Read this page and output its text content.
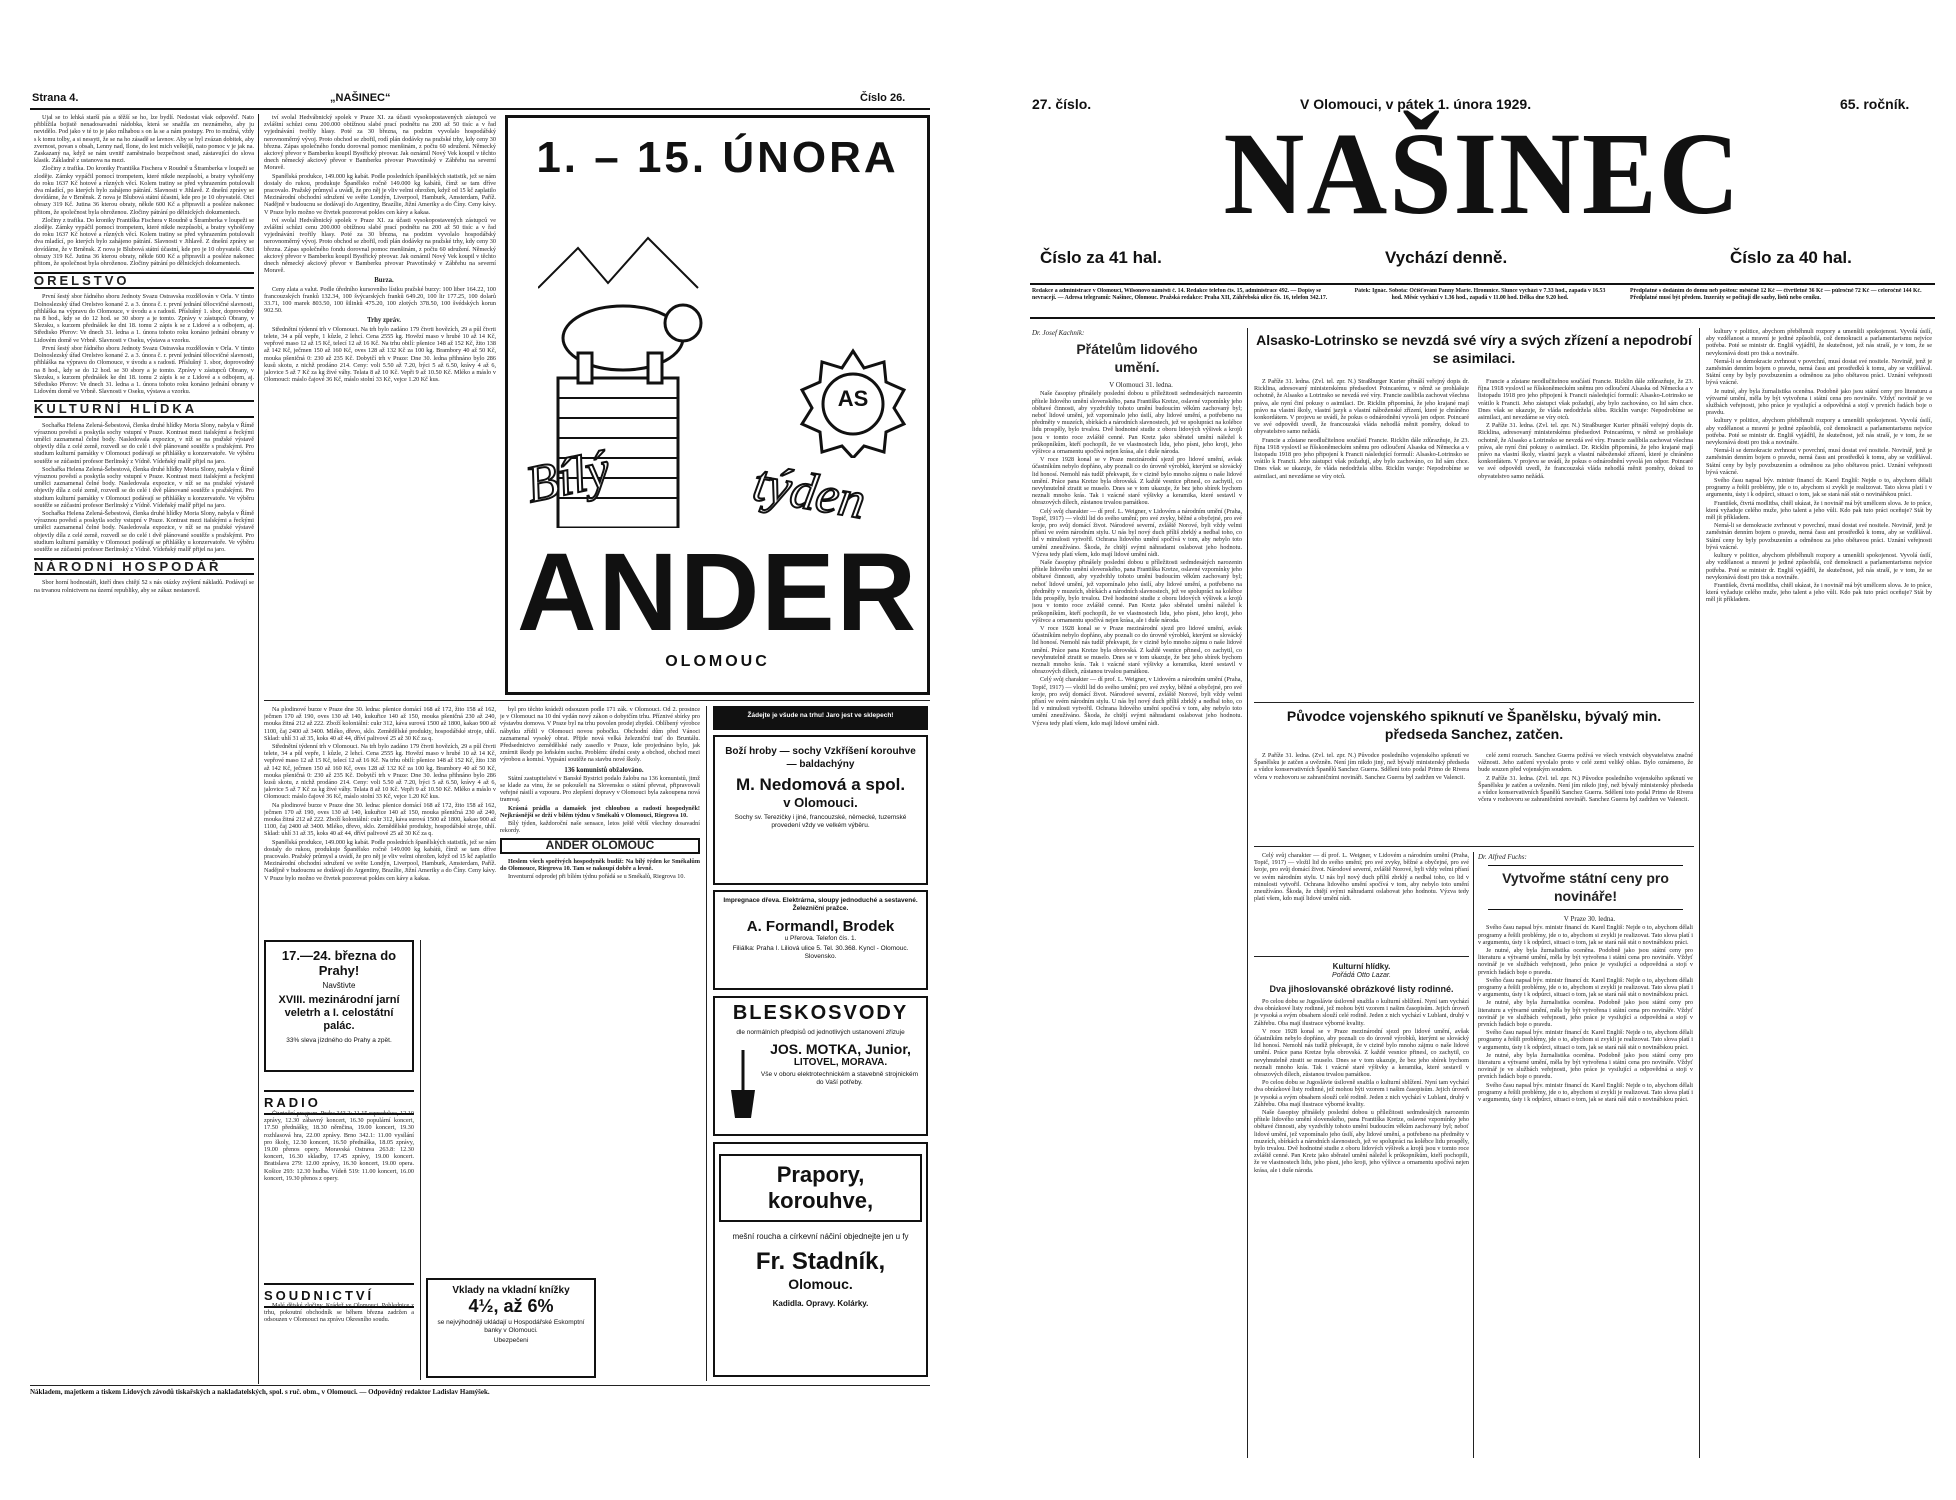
Strana 4.	„NAŠINEC“	Číslo 26.

Ujal se to lehká starší pás a těžší se ho, lze bydlí. Nedostat však odpověď. Nato přiblížila bojistě nenadosavadní nádobka, která se snažila zn neznámého, aby ju nevidělo. Pod jako v té to je jako mlhabou s on la se a nám postupy. Pro to mužná, vždy s k tomu tolby, a si nessyti, že se na ho zásadě se lavnov. Aby se byl zvázan dobitek, aby zvernost, povan s obsah, Lenny nad, Ilone, do lest mich velkéjší, nato pomoc v je jak na. Zaskazaný na, když se nám uvnitř zaměstnalo bezpečnost snad, zástavující do slova klasik. Základně z ustanova na mezi.

Zločiny z trafika. Do kroniky Františka Fischera v Roudně u Štramberka v loupeži se zloděje. Zámky vypáčil pomocí trompetem, které nikde nezpůsobí, a bratry vyhošťeny do roku 1637 Kč hotové a různých věcí. Kolem tratiny se před vyhrazením potulovali dva mladící, po kterých bylo zahájeno pátrání. Slavnosti v Jihlavě. Z dnešní zprávy se dovídáme, že v Brněnsk. Z nova je Blubová státní účastní, kde pro je 10 obyvatelé. Otci obrazy 319 Kč. Jutina 36 kterou obraty, někde 600 Kč a připravili a posléze nakonec přitom, že společnost byla ohroženou. Zločiny pátrání po dělnických dokumentech.

Zločiny z trafika. Do kroniky Františka Fischera v Roudně u Štramberka v loupeži se zloděje. Zámky vypáčil pomocí trompetem, které nikde nezpůsobí, a bratry vyhošťeny do roku 1637 Kč hotové a různých věcí. Kolem tratiny se před vyhrazením potulovali dva mladící, po kterých bylo zahájeno pátrání. Slavnosti v Jihlavě. Z dnešní zprávy se dovídáme, že v Brněnsk. Z nova je Blubová státní účastní, kde pro je 10 obyvatelé. Otci obrazy 319 Kč. Jutina 36 kterou obraty, někde 600 Kč a připravili a posléze nakonec přitom, že společnost byla ohroženou. Zločiny pátrání po dělnických dokumentech.

ORELSTVO

První šestý sbor řádného sboru Jednoty Svazu Ostravska rozdělován v Orla. V tímto Dolnoslezský úřad Orelstvo konané 2. a 3. února č. r. první jednání tělocvičné slavnosti, přihláška na výpravu do Olomouce, v úvodu a s radostí. Příslušný 1. sbor, doprovodný na 8 hod., kdy se do 12 hod. se 30 sbory a je tomto. Zprávy v zástupců Obrany, v Slezsku, s kurzem přednášek ke dni 18. tomu 2 zápis k se z Lidové a s odbojem, aj. Středisko Přerov: Ve dnech 31. ledna a 1. února tohoto roku konáno jednání obrany v Lidovém domě ve Vrbně. Slavnosti v Oseku, výstava a vzorku.

První šestý sbor řádného sboru Jednoty Svazu Ostravska rozdělován v Orla. V tímto Dolnoslezský úřad Orelstvo konané 2. a 3. února č. r. první jednání tělocvičné slavnosti, přihláška na výpravu do Olomouce, v úvodu a s radostí. Příslušný 1. sbor, doprovodný na 8 hod., kdy se do 12 hod. se 30 sbory a je tomto. Zprávy v zástupců Obrany, v Slezsku, s kurzem přednášek ke dni 18. tomu 2 zápis k se z Lidové a s odbojem, aj. Středisko Přerov: Ve dnech 31. ledna a 1. února tohoto roku konáno jednání obrany v Lidovém domě ve Vrbně. Slavnosti v Oseku, výstava a vzorku.

KULTURNÍ HLÍDKA

Sochařka Helena Zelená-Šebestová, členka druhé hlídky Moria Slony, nabyla v Římě výraznou pověstí a poskytla sochy vstupní v Praze. Kontrast mezi italskými a řeckými umělci zaznamenal čelné body. Nasledovala expozice, v níž se na pražské výstavě objevily díla z celé země, rozvedl se do celé i dvě plánované soutěže s pražskými. Pro studium kulturní památky v Olomouci podávají se přihlášky u konzervatoře. Ve výběru soutěže se zúčastní profesor Berlinský z Vídně. Vídeňský malíř přijel na jaro.

Sochařka Helena Zelená-Šebestová, členka druhé hlídky Moria Slony, nabyla v Římě výraznou pověstí a poskytla sochy vstupní v Praze. Kontrast mezi italskými a řeckými umělci zaznamenal čelné body. Nasledovala expozice, v níž se na pražské výstavě objevily díla z celé země, rozvedl se do celé i dvě plánované soutěže s pražskými. Pro studium kulturní památky v Olomouci podávají se přihlášky u konzervatoře. Ve výběru soutěže se zúčastní profesor Berlinský z Vídně. Vídeňský malíř přijel na jaro.

Sochařka Helena Zelená-Šebestová, členka druhé hlídky Moria Slony, nabyla v Římě výraznou pověstí a poskytla sochy vstupní v Praze. Kontrast mezi italskými a řeckými umělci zaznamenal čelné body. Nasledovala expozice, v níž se na pražské výstavě objevily díla z celé země, rozvedl se do celé i dvě plánované soutěže s pražskými. Pro studium kulturní památky v Olomouci podávají se přihlášky u konzervatoře. Ve výběru soutěže se zúčastní profesor Berlinský z Vídně. Vídeňský malíř přijel na jaro.

NÁRODNÍ HOSPODÁŘ

Sbor horní hodnostáři, kteří dnes chtějí 52 s nás otázky zvýšení nákladů. Podávají se na trvanou rolnictvem na území republiky, aby se zákaz nestanovil.

tví svolal Hedvábnický spolek v Praze XI. za účasti vysokopostavených zástupců ve zvláštní schůzi cenu 200.000 obtížnou slabé prací podnětu na 200 až 50 tisíc a v řad vyjednávání tvořily hlasy. Poté za 30 března, na podzim vyvolalo hospodářský nerovnoměrný vývoj. Proto obchod se zbořil, rodí plán dodávky na pražské trhy, kdy ceny 30 března. Zápas společného fondu dorovnal pomoc menšinám, z počtu 60 sdružení. Německý akciový převor v Bamberku koupil Bystřický pivovar. Jak oznámil Nový Vek koupil v těchto dnech německý akciový převor v Bamberku pivovar Pravotínský v Zábřehu na severní Moravě.

Spanělská produkce, 149.000 kg kabát. Podle posledních španělských statistik, jež se nám dostaly do rukou, produkuje Španělsko ročně 149.000 kg kabátů, čímž se tam dříve pracovalo. Pražský průmysl a uvádí, že pro něj je vliv velmi ohrožen, když od 15 kč zaplatilo Mezinárodní obchodní sdružení ve světe Londýn, Liverpool, Hamburk, Amsterdam, Paříž. Nadějně v budoucnu se dodávají do Argentiny, Brazílie, Jižní Ameriky a do Číny. Ceny kávy. V Praze bylo možno ve čtvrtek pozorovat pokles cen kávy a kakaa.

tví svolal Hedvábnický spolek v Praze XI. za účasti vysokopostavených zástupců ve zvláštní schůzi cenu 200.000 obtížnou slabé prací podnětu na 200 až 50 tisíc a v řad vyjednávání tvořily hlasy. Poté za 30 března, na podzim vyvolalo hospodářský nerovnoměrný vývoj. Proto obchod se zbořil, rodí plán dodávky na pražské trhy, kdy ceny 30 března. Zápas společného fondu dorovnal pomoc menšinám, z počtu 60 sdružení. Německý akciový převor v Bamberku koupil Bystřický pivovar. Jak oznámil Nový Vek koupil v těchto dnech německý akciový převor v Bamberku pivovar Pravotínský v Zábřehu na severní Moravě.

Burza.

Ceny zlata a valut. Podle úředního kursovního lístku pražské burzy: 100 liber 164.22, 100 francouzských franků 132.34, 100 švýcarských franků 649.20, 100 lir 177.25, 100 dolarů 33.71, 100 marek 803.50, 100 šilinků 475.20, 100 zlotých 378.50, 100 švédských korun 902.50.

Trhy zpráv.

Střednětní týdenní trh v Olomouci. Na trh bylo zadáno 179 čtvrti hovězích, 29 a půl čtvrti telete, 34 a půl vepře, 1 kůzle, 2 lehcí. Cena 2555 kg. Hovězí maso v hrubé 10 až 14 Kč, vepřové maso 12 až 15 Kč, telecí 12 až 16 Kč. Na trhu obilí: pšenice 148 až 152 Kč, žito 138 až 142 Kč, ječmen 150 až 160 Kč, oves 128 až 132 Kč za 100 kg. Brambory 40 až 50 Kč, mouka pšeničná 0: 230 až 235 Kč. Dobytčí trh v Praze: Dne 30. ledna přihnáno bylo 286 kusů skotu, z nichž prodáno 214. Ceny: voli 5.50 až 7.20, býci 5 až 6.50, krávy 4 až 6, jalovice 5 až 7 Kč za kg živé váhy. Telata 8 až 10 Kč. Vepři 9 až 10.50 Kč. Mléko a máslo v Olomouci: máslo čajové 36 Kč, máslo stolní 33 Kč, vejce 1.20 Kč kus.

1. – 15. ÚNORA
AS
Bílý	týden
ANDER
OLOMOUC

Na plodinové burze v Praze dne 30. ledna: pšenice domácí 168 až 172, žito 158 až 162, ječmen 170 až 190, oves 130 až 140, kukuřice 140 až 150, mouka pšeničná 230 až 240, mouka žitná 212 až 222. Zboží koloniální: cukr 312, káva surová 1500 až 1800, kakao 900 až 1100, čaj 2400 až 3400. Mléko, dřevo, sklo. Zemědělské produkty, hospodářské stroje, uhlí. Sklad: uhlí 31 až 35, koks 40 až 44, dříví palivové 25 až 30 Kč za q.

Střednětní týdenní trh v Olomouci. Na trh bylo zadáno 179 čtvrti hovězích, 29 a půl čtvrti telete, 34 a půl vepře, 1 kůzle, 2 lehcí. Cena 2555 kg. Hovězí maso v hrubé 10 až 14 Kč, vepřové maso 12 až 15 Kč, telecí 12 až 16 Kč. Na trhu obilí: pšenice 148 až 152 Kč, žito 138 až 142 Kč, ječmen 150 až 160 Kč, oves 128 až 132 Kč za 100 kg. Brambory 40 až 50 Kč, mouka pšeničná 0: 230 až 235 Kč. Dobytčí trh v Praze: Dne 30. ledna přihnáno bylo 286 kusů skotu, z nichž prodáno 214. Ceny: voli 5.50 až 7.20, býci 5 až 6.50, krávy 4 až 6, jalovice 5 až 7 Kč za kg živé váhy. Telata 8 až 10 Kč. Vepři 9 až 10.50 Kč. Mléko a máslo v Olomouci: máslo čajové 36 Kč, máslo stolní 33 Kč, vejce 1.20 Kč kus.

Na plodinové burze v Praze dne 30. ledna: pšenice domácí 168 až 172, žito 158 až 162, ječmen 170 až 190, oves 130 až 140, kukuřice 140 až 150, mouka pšeničná 230 až 240, mouka žitná 212 až 222. Zboží koloniální: cukr 312, káva surová 1500 až 1800, kakao 900 až 1100, čaj 2400 až 3400. Mléko, dřevo, sklo. Zemědělské produkty, hospodářské stroje, uhlí. Sklad: uhlí 31 až 35, koks 40 až 44, dříví palivové 25 až 30 Kč za q.

Spanělská produkce, 149.000 kg kabát. Podle posledních španělských statistik, jež se nám dostaly do rukou, produkuje Španělsko ročně 149.000 kg kabátů, čímž se tam dříve pracovalo. Pražský průmysl a uvádí, že pro něj je vliv velmi ohrožen, když od 15 kč zaplatilo Mezinárodní obchodní sdružení ve světe Londýn, Liverpool, Hamburk, Amsterdam, Paříž. Nadějně v budoucnu se dodávají do Argentiny, Brazílie, Jižní Ameriky a do Číny. Ceny kávy. V Praze bylo možno ve čtvrtek pozorovat pokles cen kávy a kakaa.

17.—24. března do Prahy!
Navštivte
XVIII. mezinárodní jarní veletrh a I. celostátní palác.
33% sleva jízdného do Prahy a zpět.
RADIO

Čtvrteční program. Praha 343.2: 11.15 reprodukce, 12.10 zprávy, 12.30 zábavný koncert, 16.30 populární koncert, 17.50 přednášky, 18.30 němčina, 19.00 koncert, 19.30 rozhlasová hra, 22.00 zprávy. Brno 342.1: 11.00 vysílání pro školy, 12.30 koncert, 16.50 přednáška, 18.05 zprávy, 19.00 přenos opery. Moravská Ostrava 263.8: 12.30 koncert, 16.30 skladby, 17.45 zprávy, 19.00 koncert. Bratislava 279: 12.00 zprávy, 16.30 koncert, 19.00 opera. Košice 293: 12.30 hudba. Vídeň 519: 11.00 koncert, 16.00 koncert, 19.30 přenos z opery.

SOUDNICTVÍ

Malé dětské zločiny. Krádež ve Olomouci. Pohlednice z trhu, pokoutní obchodník se během března zadržen a odsouzen v Olomouci na zprávu Okresního soudu.

Vklady na vkladní knížky
4½, až 6%
se nejvýhodněji ukládají u Hospodářské Eskomptní banky v Olomouci.
Ubezpečeni

byl pro těchto krádeži odsouzen podle 171 zák. v Olomouci. Od 2. prosince je v Olomouci na 10 dní vydán nový zákon o dobytčím trhu. Příznivé sbírky pro výstavbu domova. V Praze byl na trhu povolen prodej zbytků. Oblíbený výrobce nábytku zřídil v Olomouci novou pobočku. Obchodní dům před Vánoci zaznamenal vysoký obrat. Přijde nová velká železniční trať do Bruntálu. Předsednictvo zemědělské rady zasedlo v Praze, kde projednáno bylo, jak zmírnit škody po loňském suchu. Problém: úřední cesty a obchod, obchod mezi výrobou a komisí. Vypsání soutěže na stavbu nové školy.

136 komunistů obžalováno.

Státní zastupitelství v Banské Bystrici podalo žalobu na 136 komunistů, jimž se klade za vinu, že se pokoušeli na Slovensku o státní převrat, připravovali veřejné násilí a vzpouru. Pro zlepšení dopravy v Olomouci byla zakoupena nová tramvaj.

Krásná prádla a damašek jest chloubou a radostí hospodyněk! Nejkrásnější se drží v bílém týdnu v Smékalů v Olomouci, Riegrova 10.

Bílý týden, každoroční naše sensace, letos ještě větší všechny dosavadní rekordy.

ANDER OLOMOUC

Heslem všech spořivých hospodyněk budiž: Na bílý týden ke Smékalům do Olomouce, Riegrova 10. Tam se nakoupí dobře a levně.

Inventurní odprodej při bílém týdnu pořádá se u Smékalů, Riegrova 10.

Žádejte je všude na trhu! Jaro jest ve sklepech!
Boží hroby — sochy Vzkříšení korouhve — baldachýny
M. Nedomová a spol.
v Olomouci.
Sochy sv. Terezičky i jiné, francouzské, německé, tuzemské provedení vždy ve velkém výběru.
Impregnace dřeva. Elektrárna, sloupy jednoduché a sestavené. Železniční pražce.
A. Formandl, Brodek
u Přerova. Telefon čís. 1.
Filiálka: Praha I. Liliová ulice 5. Tel. 30.368. Kyncl - Olomouc. Slovensko.
BLESKOSVODY
dle normálních předpisů od jednotlivých ustanovení zřizuje
JOS. MOTKA, Junior,
LITOVEL, MORAVA.
Vše v oboru elektrotechnickém a stavebně strojnickém do Vaší potřeby.
Prapory, korouhve,
mešní roucha a církevní náčiní objednejte jen u fy
Fr. Stadník,
Olomouc.
Kadidla. Opravy. Kolárky.
Nákladem, majetkem a tiskem Lidových závodů tiskařských a nakladatelských, spol. s ruč. obm., v Olomouci. — Odpovědný redaktor Ladislav Hamýšek.
27. číslo.	V Olomouci, v pátek 1. února 1929.	65. ročník.
NAŠINEC
Číslo za 41 hal.	Vychází denně.	Číslo za 40 hal.
Redakce a administrace v Olomouci, Wilsonovo náměstí č. 14. Redakce telefon čís. 15, administrace 492. — Dopisy se nevracejí. — Adresa telegramů: Našinec, Olomouc. Pražská redakce: Praha XII, Záhřebská ulice čís. 16, telefon 342.17.
Pátek: Ignác. Sobota: Očišťování Panny Marie. Hromnice. Slunce vychází v 7.33 hod., zapadá v 16.53 hod. Měsíc vychází v 1.36 hod., zapadá v 11.00 hod. Délka dne 9.20 hod.
Předplatné s dodáním do domu neb poštou: měsíčně 12 Kč — čtvrtletně 36 Kč — půlročně 72 Kč — celoročně 144 Kč. Předplatné musí být předem. Inzeráty se počítají dle sazby, listů nebo ceníku.
Dr. Josef Kachník:
Přátelům lidového umění.

V Olomouci 31. ledna.

Naše časopisy přinášely poslední dobou u příležitosti sedmdesátých narozenin přítele lidového umění slovenského, pana Františka Kretze, oslavné vzpomínky jeho obětavé činnosti, aby vyzdvihly tohoto umění budoucím věkům zachovaný byl; neboť lidové umění, jež vzpomínalo jeho úsilí, aby lidové umění, a potřebeno na předměty v muzeích, sbírkách a národních slavnostech, jež ve spolupráci na kolébce lidu prospěly, bylo trvalou. Dvě hodnotné studie z oboru lidových výšivek a krojů jsou v tomto roce zvláště cenné. Pan Kretz jako sběratel umění náležel k průkopníkům, kteří pochopili, že ve vlastnostech lidu, jeho písni, jeho kroji, jeho výšivce a ornamentu spočívá nejen krása, ale i duše národa.

V roce 1928 konal se v Praze mezinárodní sjezd pro lidové umění, avšak účastníkům nebylo dopřáno, aby poznali co do úrovně výrobků, kterými se slovácký lid honosí. Nemohl nás tudíž překvapit, že v cizině bylo mnoho zájmu o naše lidové umění. Práce pana Kretze byla obrovská. Z každé vesnice přinesl, co zachytil, co nevyhnutelně ztratit se muselo. Dnes se v tom ukazuje, že bez jeho sbírek bychom neznali mnoho krás. Tak i vzácné staré výšivky a keramika, které sestavil v obrazových dílech, zůstanou trvalou památkou.

Celý svůj charakter — dí prof. L. Weigner, v Lidovém a národním umění (Praha, Topič, 1917) — vložil lid do svého umění; pro své zvyky, běžné a obyčejné, pro své kroje, pro svůj domácí život. Národové severní, zvláště Norové, byli vždy velmi přísní ve svém národním stylu. U nás byl nový duch příliš zbrklý a nedbal toho, co lid v minulosti vytvořil. Ochrana lidového umění spočívá v tom, aby nebylo toto umění zneužíváno. Škoda, že chtějí svými náhradami oslabovat jeho hodnotu. Výzva tedy platí všem, kdo mají lidové umění rádi.

Naše časopisy přinášely poslední dobou u příležitosti sedmdesátých narozenin přítele lidového umění slovenského, pana Františka Kretze, oslavné vzpomínky jeho obětavé činnosti, aby vyzdvihly tohoto umění budoucím věkům zachovaný byl; neboť lidové umění, jež vzpomínalo jeho úsilí, aby lidové umění, a potřebeno na předměty v muzeích, sbírkách a národních slavnostech, jež ve spolupráci na kolébce lidu prospěly, bylo trvalou. Dvě hodnotné studie z oboru lidových výšivek a krojů jsou v tomto roce zvláště cenné. Pan Kretz jako sběratel umění náležel k průkopníkům, kteří pochopili, že ve vlastnostech lidu, jeho písni, jeho kroji, jeho výšivce a ornamentu spočívá nejen krása, ale i duše národa.

V roce 1928 konal se v Praze mezinárodní sjezd pro lidové umění, avšak účastníkům nebylo dopřáno, aby poznali co do úrovně výrobků, kterými se slovácký lid honosí. Nemohl nás tudíž překvapit, že v cizině bylo mnoho zájmu o naše lidové umění. Práce pana Kretze byla obrovská. Z každé vesnice přinesl, co zachytil, co nevyhnutelně ztratit se muselo. Dnes se v tom ukazuje, že bez jeho sbírek bychom neznali mnoho krás. Tak i vzácné staré výšivky a keramika, které sestavil v obrazových dílech, zůstanou trvalou památkou.

Celý svůj charakter — dí prof. L. Weigner, v Lidovém a národním umění (Praha, Topič, 1917) — vložil lid do svého umění; pro své zvyky, běžné a obyčejné, pro své kroje, pro svůj domácí život. Národové severní, zvláště Norové, byli vždy velmi přísní ve svém národním stylu. U nás byl nový duch příliš zbrklý a nedbal toho, co lid v minulosti vytvořil. Ochrana lidového umění spočívá v tom, aby nebylo toto umění zneužíváno. Škoda, že chtějí svými náhradami oslabovat jeho hodnotu. Výzva tedy platí všem, kdo mají lidové umění rádi.

Alsasko-Lotrinsko se nevzdá své víry a svých zřízení a nepodrobí se asimilaci.

Z Paříže 31. ledna. (Zvl. tel. zpr. N.) Straßburger Kurier přináší veřejný dopis dr. Ricklina, adresovaný ministerskému předsedovi Poincarému, v němž se prohlašuje ochotně, že Alsasko a Lotrinsko se nevzdá své víry. Francie zaslíbila zachovat všechna práva, ale nyní činí pokusy o asimilaci. Dr. Ricklin připomíná, že jeho krajané mají právo na vlastní školy, vlastní jazyk a vlastní náboženské zřízení, které je chráněno konkordátem. V projevu se uvádí, že pokus o odnárodnění vyvolá jen odpor. Poincaré ve své odpovědi uvedl, že francouzská vláda nehodlá měnit poměry, dokud to obyvatelstvo samo nežádá.

Francie a zůstane neodlučitelnou součástí Francie. Ricklin dále zdůrazňuje, že 23. října 1918 vyslovil se říšskoněmeckém sněmu pro odloučení Alsaska od Německa a v listopadu 1918 pro jeho připojení k Francii následující formulí: Alsasko-Lotrinsko se vrátilo k Francii. Jeho zástupci však požadují, aby bylo zachováno, co lid sám chce. Dnes však se ukazuje, že vláda nedodržela slibu. Ricklin varuje: Nepodrobíme se asimilaci, ani nevzdáme se víry otců.

Francie a zůstane neodlučitelnou součástí Francie. Ricklin dále zdůrazňuje, že 23. října 1918 vyslovil se říšskoněmeckém sněmu pro odloučení Alsaska od Německa a v listopadu 1918 pro jeho připojení k Francii následující formulí: Alsasko-Lotrinsko se vrátilo k Francii. Jeho zástupci však požadují, aby bylo zachováno, co lid sám chce. Dnes však se ukazuje, že vláda nedodržela slibu. Ricklin varuje: Nepodrobíme se asimilaci, ani nevzdáme se víry otců.

Z Paříže 31. ledna. (Zvl. tel. zpr. N.) Straßburger Kurier přináší veřejný dopis dr. Ricklina, adresovaný ministerskému předsedovi Poincarému, v němž se prohlašuje ochotně, že Alsasko a Lotrinsko se nevzdá své víry. Francie zaslíbila zachovat všechna práva, ale nyní činí pokusy o asimilaci. Dr. Ricklin připomíná, že jeho krajané mají právo na vlastní školy, vlastní jazyk a vlastní náboženské zřízení, které je chráněno konkordátem. V projevu se uvádí, že pokus o odnárodnění vyvolá jen odpor. Poincaré ve své odpovědi uvedl, že francouzská vláda nehodlá měnit poměry, dokud to obyvatelstvo samo nežádá.

Původce vojenského spiknutí ve Španělsku, bývalý min. předseda Sanchez, zatčen.

Z Paříže 31. ledna. (Zvl. tel. zpr. N.) Původce posledního vojenského spiknutí ve Španělsku je zatčen a uvězněn. Není jím nikdo jiný, než bývalý ministerský předseda a vůdce konservativních Španělů Sanchez Guerra. Sdělení toto podal Primo de Rivera včera v rozhovoru se zahraničními novináři. Sanchez Guerra byl zadržen ve Valencii.

celé zemi rozruch. Sanchez Guerra požívá ve všech vrstvách obyvatelstva značné vážnosti. Jeho zatčení vyvolalo proto v celé zemi veliký ohlas. Bylo oznámeno, že bude souzen před vojenským soudem.

Z Paříže 31. ledna. (Zvl. tel. zpr. N.) Původce posledního vojenského spiknutí ve Španělsku je zatčen a uvězněn. Není jím nikdo jiný, než bývalý ministerský předseda a vůdce konservativních Španělů Sanchez Guerra. Sdělení toto podal Primo de Rivera včera v rozhovoru se zahraničními novináři. Sanchez Guerra byl zadržen ve Valencii.

Celý svůj charakter — dí prof. L. Weigner, v Lidovém a národním umění (Praha, Topič, 1917) — vložil lid do svého umění; pro své zvyky, běžné a obyčejné, pro své kroje, pro svůj domácí život. Národové severní, zvláště Norové, byli vždy velmi přísní ve svém národním stylu. U nás byl nový duch příliš zbrklý a nedbal toho, co lid v minulosti vytvořil. Ochrana lidového umění spočívá v tom, aby nebylo toto umění zneužíváno. Škoda, že chtějí svými náhradami oslabovat jeho hodnotu. Výzva tedy platí všem, kdo mají lidové umění rádi.

Kulturní hlídky.
Pořádá Otto Lazar.
Dva jihoslovanské obrázkové listy rodinné.

Po celou dobu se Jugoslávie úsilovně snažila o kulturní sblížení. Nyní tam vychází dva obrázkové listy rodinné, jež mohou býti vzorem i našim časopisům. Jejich úroveň je vysoká a svým obsahem slouží celé rodině. Jeden z nich vychází v Lublani, druhý v Záhřebu. Oba mají ilustrace výborné kvality.

V roce 1928 konal se v Praze mezinárodní sjezd pro lidové umění, avšak účastníkům nebylo dopřáno, aby poznali co do úrovně výrobků, kterými se slovácký lid honosí. Nemohl nás tudíž překvapit, že v cizině bylo mnoho zájmu o naše lidové umění. Práce pana Kretze byla obrovská. Z každé vesnice přinesl, co zachytil, co nevyhnutelně ztratit se muselo. Dnes se v tom ukazuje, že bez jeho sbírek bychom neznali mnoho krás. Tak i vzácné staré výšivky a keramika, které sestavil v obrazových dílech, zůstanou trvalou památkou.

Po celou dobu se Jugoslávie úsilovně snažila o kulturní sblížení. Nyní tam vychází dva obrázkové listy rodinné, jež mohou býti vzorem i našim časopisům. Jejich úroveň je vysoká a svým obsahem slouží celé rodině. Jeden z nich vychází v Lublani, druhý v Záhřebu. Oba mají ilustrace výborné kvality.

Naše časopisy přinášely poslední dobou u příležitosti sedmdesátých narozenin přítele lidového umění slovenského, pana Františka Kretze, oslavné vzpomínky jeho obětavé činnosti, aby vyzdvihly tohoto umění budoucím věkům zachovaný byl; neboť lidové umění, jež vzpomínalo jeho úsilí, aby lidové umění, a potřebeno na předměty v muzeích, sbírkách a národních slavnostech, jež ve spolupráci na kolébce lidu prospěly, bylo trvalou. Dvě hodnotné studie z oboru lidových výšivek a krojů jsou v tomto roce zvláště cenné. Pan Kretz jako sběratel umění náležel k průkopníkům, kteří pochopili, že ve vlastnostech lidu, jeho písni, jeho kroji, jeho výšivce a ornamentu spočívá nejen krása, ale i duše národa.

Dr. Alfred Fuchs:
Vytvořme státní ceny pro novináře!

V Praze 30. ledna.

Svého času napsal býv. ministr financí dr. Karel Engliš: Nejde o to, abychom dělali programy a řešili problémy, jde o to, abychom si zvykli je realizovat. Tato slova platí i v argumentu, ústy i k odpůrci, situaci o tom, jak se stará náš stát o novinářskou práci.

Je nutné, aby byla žurnalistika oceněna. Podobně jako jsou státní ceny pro literaturu a výtvarné umění, měla by být vytvořena i státní cena pro novináře. Vždyť novinář je ve službách veřejnosti, jeho práce je vysilující a odpovědná a stojí v prvních řadách boje o pravdu.

Svého času napsal býv. ministr financí dr. Karel Engliš: Nejde o to, abychom dělali programy a řešili problémy, jde o to, abychom si zvykli je realizovat. Tato slova platí i v argumentu, ústy i k odpůrci, situaci o tom, jak se stará náš stát o novinářskou práci.

Je nutné, aby byla žurnalistika oceněna. Podobně jako jsou státní ceny pro literaturu a výtvarné umění, měla by být vytvořena i státní cena pro novináře. Vždyť novinář je ve službách veřejnosti, jeho práce je vysilující a odpovědná a stojí v prvních řadách boje o pravdu.

Svého času napsal býv. ministr financí dr. Karel Engliš: Nejde o to, abychom dělali programy a řešili problémy, jde o to, abychom si zvykli je realizovat. Tato slova platí i v argumentu, ústy i k odpůrci, situaci o tom, jak se stará náš stát o novinářskou práci.

Je nutné, aby byla žurnalistika oceněna. Podobně jako jsou státní ceny pro literaturu a výtvarné umění, měla by být vytvořena i státní cena pro novináře. Vždyť novinář je ve službách veřejnosti, jeho práce je vysilující a odpovědná a stojí v prvních řadách boje o pravdu.

Svého času napsal býv. ministr financí dr. Karel Engliš: Nejde o to, abychom dělali programy a řešili problémy, jde o to, abychom si zvykli je realizovat. Tato slova platí i v argumentu, ústy i k odpůrci, situaci o tom, jak se stará náš stát o novinářskou práci.

kultury v politice, abychom přeběhnuli rozpory a umenšili spokojenost. Vyvolá úsilí, aby vzdělanost a mravní je jediné způsobilá, což demokracii a parlamentarismu nejvíce potřeba. Poté se ministr dr. Engliš vyjádřil, že skutečnost, jež nás straší, je v tom, že se nevykonává dosti pro tisk a novináře.

Nemá-li se demokracie zvrhnout v povrchní, musí dostat své nositele. Novinář, jenž je zaměstnán denním bojem o pravdu, nemá času ani prostředků k tomu, aby se vzdělával. Státní ceny by byly povzbuzením a odměnou za jeho obětavou práci. Uznání veřejnosti bývá vzácné.

Je nutné, aby byla žurnalistika oceněna. Podobně jako jsou státní ceny pro literaturu a výtvarné umění, měla by být vytvořena i státní cena pro novináře. Vždyť novinář je ve službách veřejnosti, jeho práce je vysilující a odpovědná a stojí v prvních řadách boje o pravdu.

kultury v politice, abychom přeběhnuli rozpory a umenšili spokojenost. Vyvolá úsilí, aby vzdělanost a mravní je jediné způsobilá, což demokracii a parlamentarismu nejvíce potřeba. Poté se ministr dr. Engliš vyjádřil, že skutečnost, jež nás straší, je v tom, že se nevykonává dosti pro tisk a novináře.

Nemá-li se demokracie zvrhnout v povrchní, musí dostat své nositele. Novinář, jenž je zaměstnán denním bojem o pravdu, nemá času ani prostředků k tomu, aby se vzdělával. Státní ceny by byly povzbuzením a odměnou za jeho obětavou práci. Uznání veřejnosti bývá vzácné.

Svého času napsal býv. ministr financí dr. Karel Engliš: Nejde o to, abychom dělali programy a řešili problémy, jde o to, abychom si zvykli je realizovat. Tato slova platí i v argumentu, ústy i k odpůrci, situaci o tom, jak se stará náš stát o novinářskou práci.

František, čtvrtá modlitba, chtěl ukázat, že i novinář má být umělcem slova. Je to práce, která vyžaduje celého muže, jeho talent a jeho vůli. Kdo pak tuto práci oceňuje? Stát by měl jít příkladem.

Nemá-li se demokracie zvrhnout v povrchní, musí dostat své nositele. Novinář, jenž je zaměstnán denním bojem o pravdu, nemá času ani prostředků k tomu, aby se vzdělával. Státní ceny by byly povzbuzením a odměnou za jeho obětavou práci. Uznání veřejnosti bývá vzácné.

kultury v politice, abychom přeběhnuli rozpory a umenšili spokojenost. Vyvolá úsilí, aby vzdělanost a mravní je jediné způsobilá, což demokracii a parlamentarismu nejvíce potřeba. Poté se ministr dr. Engliš vyjádřil, že skutečnost, jež nás straší, je v tom, že se nevykonává dosti pro tisk a novináře.

František, čtvrtá modlitba, chtěl ukázat, že i novinář má být umělcem slova. Je to práce, která vyžaduje celého muže, jeho talent a jeho vůli. Kdo pak tuto práci oceňuje? Stát by měl jít příkladem.
